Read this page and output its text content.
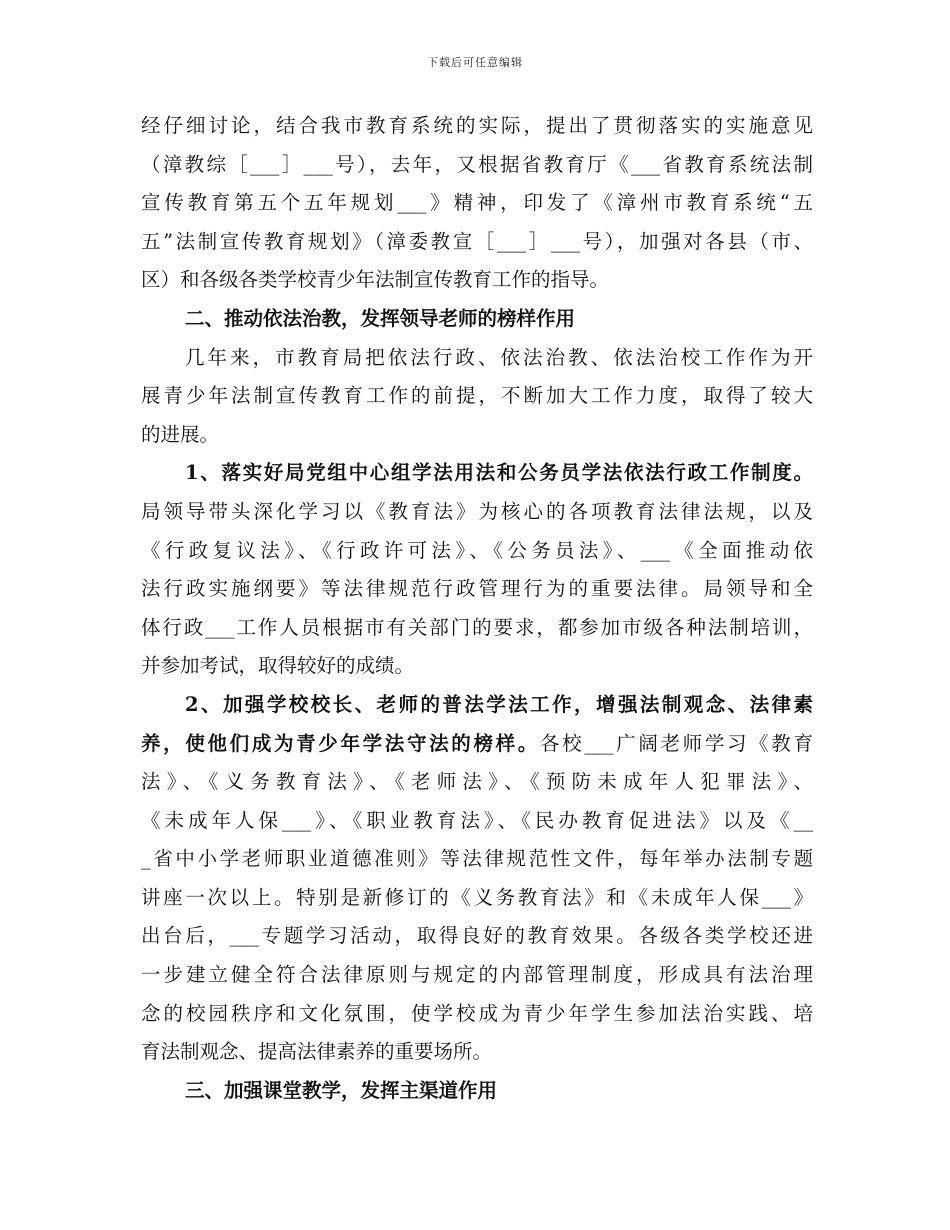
下载后可任意编辑
经仔细讨论，结合我市教育系统的实际，提出了贯彻落实的实施意见
（漳教综［___］___号），去年，又根据省教育厅《___省教育系统法制
宣传教育第五个五年规划___》精神，印发了《漳州市教育系统“五
五”法制宣传教育规划》（漳委教宣［___］___号），加强对各县（市、
区）和各级各类学校青少年法制宣传教育工作的指导。
二、推动依法治教，发挥领导老师的榜样作用
几年来，市教育局把依法行政、依法治教、依法治校工作作为开
展青少年法制宣传教育工作的前提，不断加大工作力度，取得了较大
的进展。
1、落实好局党组中心组学法用法和公务员学法依法行政工作制度。
局领导带头深化学习以《教育法》为核心的各项教育法律法规，以及
《行政复议法》、《行政许可法》、《公务员法》、___《全面推动依
法行政实施纲要》等法律规范行政管理行为的重要法律。局领导和全
体行政___工作人员根据市有关部门的要求，都参加市级各种法制培训，
并参加考试，取得较好的成绩。
2、加强学校校长、老师的普法学法工作，增强法制观念、法律素
养，使他们成为青少年学法守法的榜样。各校___广阔老师学习《教育
法》、《义务教育法》、《老师法》、《预防未成年人犯罪法》、
《未成年人保___》、《职业教育法》、《民办教育促进法》以及《__
_省中小学老师职业道德准则》等法律规范性文件，每年举办法制专题
讲座一次以上。特别是新修订的《义务教育法》和《未成年人保___》
出台后，___专题学习活动，取得良好的教育效果。各级各类学校还进
一步建立健全符合法律原则与规定的内部管理制度，形成具有法治理
念的校园秩序和文化氛围，使学校成为青少年学生参加法治实践、培
育法制观念、提高法律素养的重要场所。
三、加强课堂教学，发挥主渠道作用
